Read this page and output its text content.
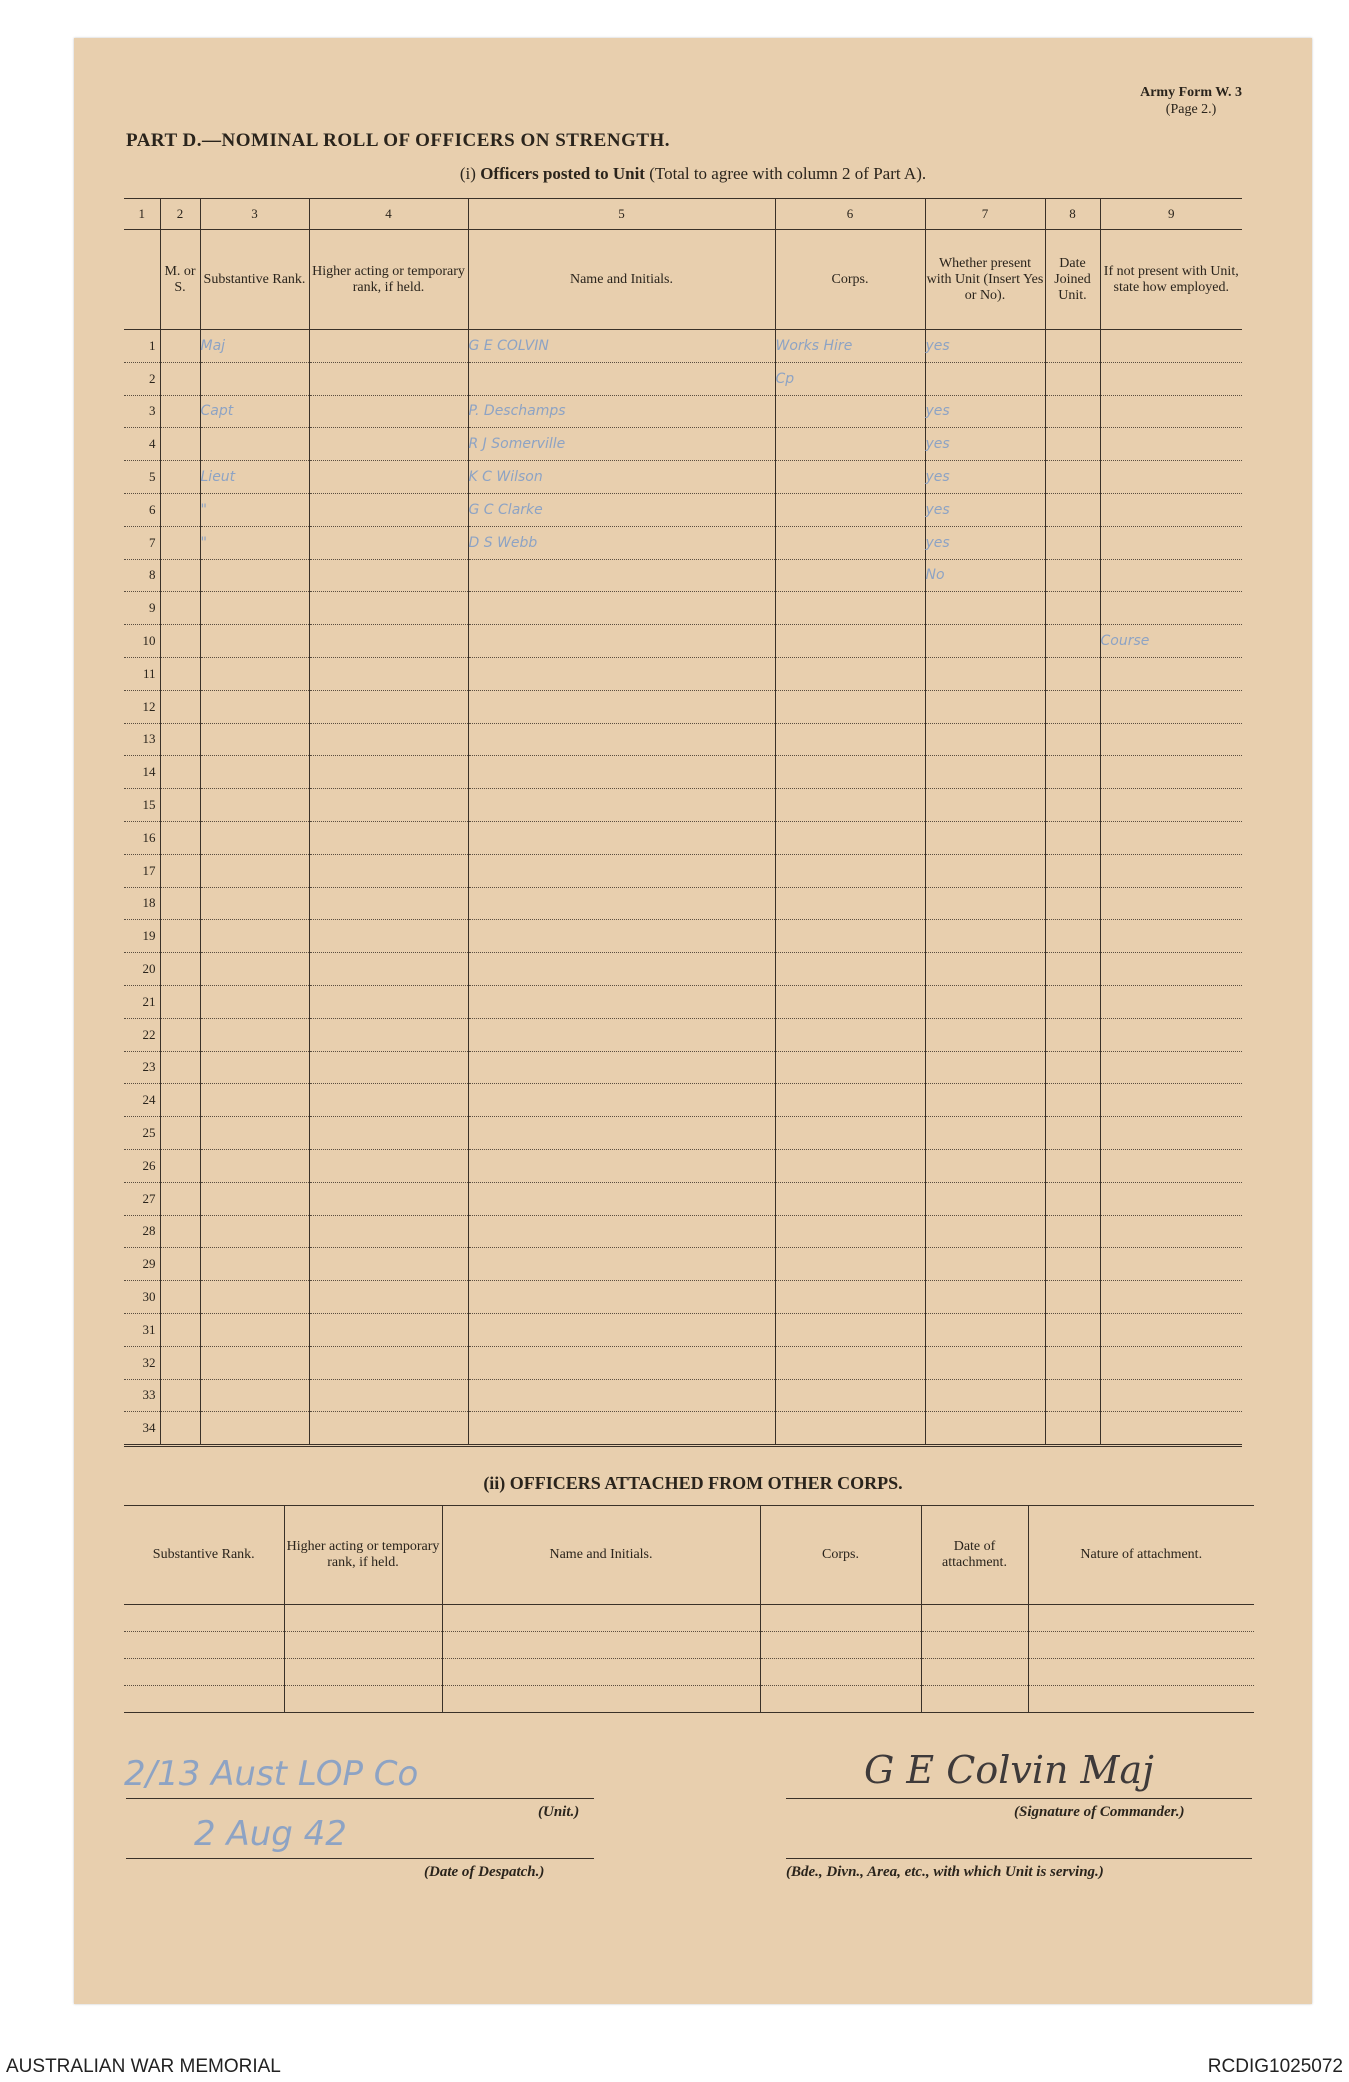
Army Form W. 3
(Page 2.)
PART D.—NOMINAL ROLL OF OFFICERS ON STRENGTH.
(i) Officers posted to Unit (Total to agree with column 2 of Part A).
1	2	3	4	5	6	7	8	9
	M. or S.	Substantive Rank.	Higher acting or temporary rank, if held.	Name and Initials.	Corps.	Whether present with Unit (Insert Yes or No).	Date Joined Unit.	If not present with Unit, state how employed.
1		Maj		G E COLVIN	Works Hire	yes		
2					Cp			
3		Capt		P. Deschamps		yes		
4				R J Somerville		yes		
5		Lieut		K C Wilson		yes		
6		"		G C Clarke		yes		
7		"		D S Webb		yes		
8						No		
9								
10								Course
11								
12								
13								
14								
15								
16								
17								
18								
19								
20								
21								
22								
23								
24								
25								
26								
27								
28								
29								
30								
31								
32								
33								
34								
(ii) OFFICERS ATTACHED FROM OTHER CORPS.
Substantive Rank.	Higher acting or temporary rank, if held.	Name and Initials.	Corps.	Date of attachment.	Nature of attachment.

2/13 Aust LOP Co
(Unit.)
2 Aug 42
(Date of Despatch.)
G E Colvin Maj
(Signature of Commander.)
(Bde., Divn., Area, etc., with which Unit is serving.)
AUSTRALIAN WAR MEMORIAL	RCDIG1025072
